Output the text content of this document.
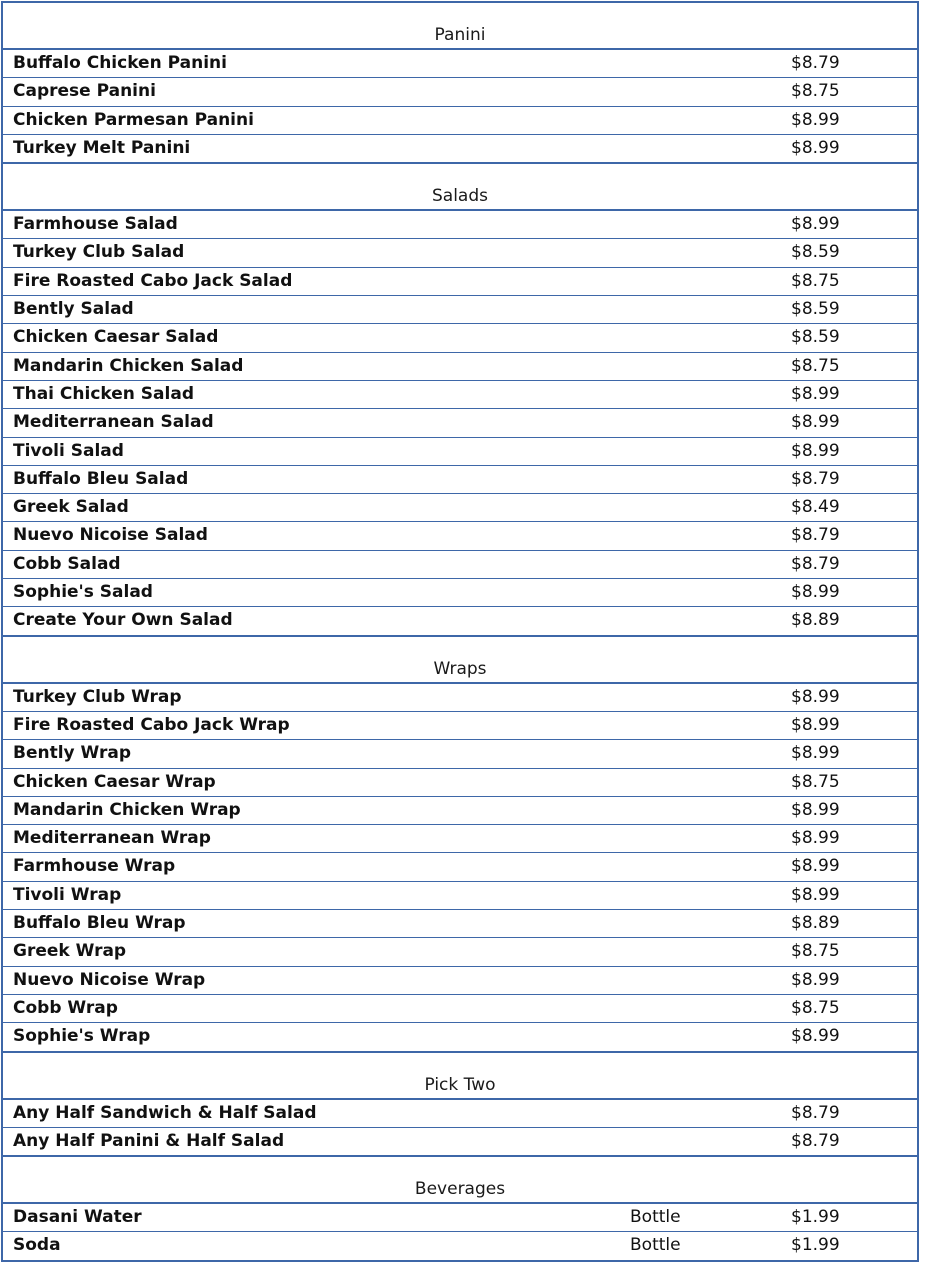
Panini
Buffalo Chicken Panini	$8.79
Caprese Panini	$8.75
Chicken Parmesan Panini	$8.99
Turkey Melt Panini	$8.99
Salads
Farmhouse Salad	$8.99
Turkey Club Salad	$8.59
Fire Roasted Cabo Jack Salad	$8.75
Bently Salad	$8.59
Chicken Caesar Salad	$8.59
Mandarin Chicken Salad	$8.75
Thai Chicken Salad	$8.99
Mediterranean Salad	$8.99
Tivoli Salad	$8.99
Buffalo Bleu Salad	$8.79
Greek Salad	$8.49
Nuevo Nicoise Salad	$8.79
Cobb Salad	$8.79
Sophie's Salad	$8.99
Create Your Own Salad	$8.89
Wraps
Turkey Club Wrap	$8.99
Fire Roasted Cabo Jack Wrap	$8.99
Bently Wrap	$8.99
Chicken Caesar Wrap	$8.75
Mandarin Chicken Wrap	$8.99
Mediterranean Wrap	$8.99
Farmhouse Wrap	$8.99
Tivoli Wrap	$8.99
Buffalo Bleu Wrap	$8.89
Greek Wrap	$8.75
Nuevo Nicoise Wrap	$8.99
Cobb Wrap	$8.75
Sophie's Wrap	$8.99
Pick Two
Any Half Sandwich & Half Salad	$8.79
Any Half Panini & Half Salad	$8.79
Beverages
Dasani Water	Bottle	$1.99
Soda	Bottle	$1.99
